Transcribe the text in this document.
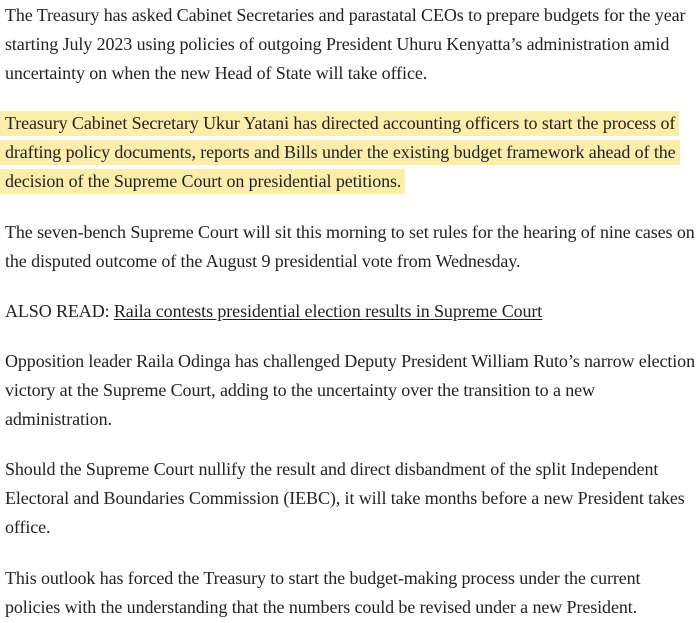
The Treasury has asked Cabinet Secretaries and parastatal CEOs to prepare budgets for the year starting July 2023 using policies of outgoing President Uhuru Kenyatta’s administration amid uncertainty on when the new Head of State will take office.

Treasury Cabinet Secretary Ukur Yatani has directed accounting officers to start the process of drafting policy documents, reports and Bills under the existing budget framework ahead of the decision of the Supreme Court on presidential petitions.

The seven-bench Supreme Court will sit this morning to set rules for the hearing of nine cases on the disputed outcome of the August 9 presidential vote from Wednesday.

ALSO READ: Raila contests presidential election results in Supreme Court

Opposition leader Raila Odinga has challenged Deputy President William Ruto’s narrow election victory at the Supreme Court, adding to the uncertainty over the transition to a new administration.

Should the Supreme Court nullify the result and direct disbandment of the split Independent Electoral and Boundaries Commission (IEBC), it will take months before a new President takes office.

This outlook has forced the Treasury to start the budget-making process under the current policies with the understanding that the numbers could be revised under a new President.
